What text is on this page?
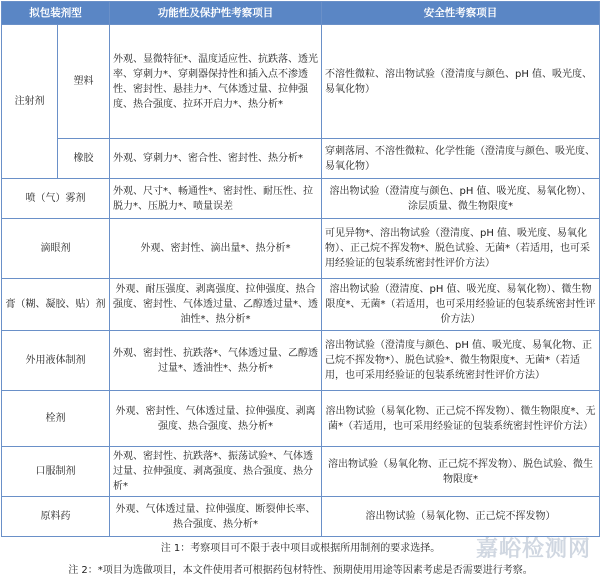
拟包装剂型		功能性及保护性考察项目	安全性考察项目
注射剂	塑料	外观、显微特征*、温度适应性、抗跌落、透光率、穿刺力*、穿刺器保持性和插入点不渗透性、密封性、悬挂力*、气体透过量、拉伸强度、热合强度、拉环开启力*、热分析*	不溶性微粒、溶出物试验（澄清度与颜色、pH 值、吸光度、易氧化物）
	橡胶	外观、穿刺力*、密合性、密封性、热分析*	穿刺落屑、不溶性微粒、化学性能（澄清度与颜色、吸光度、易氧化物）
喷（气）雾剂		外观、尺寸*、畅通性*、密封性、耐压性、拉脱力*、压脱力*、喷量误差	溶出物试验（澄清度与颜色、pH 值、吸光度、易氧化物）、涂层质量、微生物限度*
滴眼剂		外观、密封性、滴出量*、热分析*	可见异物*、溶出物试验（澄清度、pH 值、吸光度、易氧化物）、正己烷不挥发物*、脱色试验、无菌*（若适用，也可采用经验证的包装系统密封性评价方法）
膏（糊、凝胶、贴）剂		外观、耐压强度、剥离强度、拉伸强度、热合强度、密封性、气体透过量、乙醇透过量*、透油性*、热分析*	溶出物试验（澄清度、pH 值、吸光度、易氧化物）、微生物限度*、无菌*（若适用，也可采用经验证的包装系统密封性评价方法）
外用液体制剂		外观、密封性、抗跌落*、气体透过量、乙醇透过量*、透油性*、热分析*	溶出物试验（澄清度与颜色、pH 值、吸光度、易氧化物、正己烷不挥发物*）、脱色试验*、微生物限度*、无菌*（若适用，也可采用经验证的包装系统密封性评价方法）
栓剂		外观、密封性、气体透过量、拉伸强度、剥离强度、热合强度、热分析*	溶出物试验（易氧化物、正己烷不挥发物）、微生物限度*、无菌*（若适用，也可采用经验证的包装系统密封性评价方法）
口服制剂		外观、密封性、抗跌落*、振荡试验*、气体透过量、拉伸强度、剥离强度、热合强度、热分析*	溶出物试验（易氧化物、正己烷不挥发物）、脱色试验、微生物限度*
原料药		外观、气体透过量、拉伸强度、断裂伸长率、热合强度、热分析*	溶出物试验（易氧化物、正己烷不挥发物）
注 1：考察项目可不限于表中项目或根据所用制剂的要求选择。			
注 2：*项目为选做项目，本文件使用者可根据药包材特性、预期使用用途等因素考虑是否需要进行考察。			
嘉峪检测网
